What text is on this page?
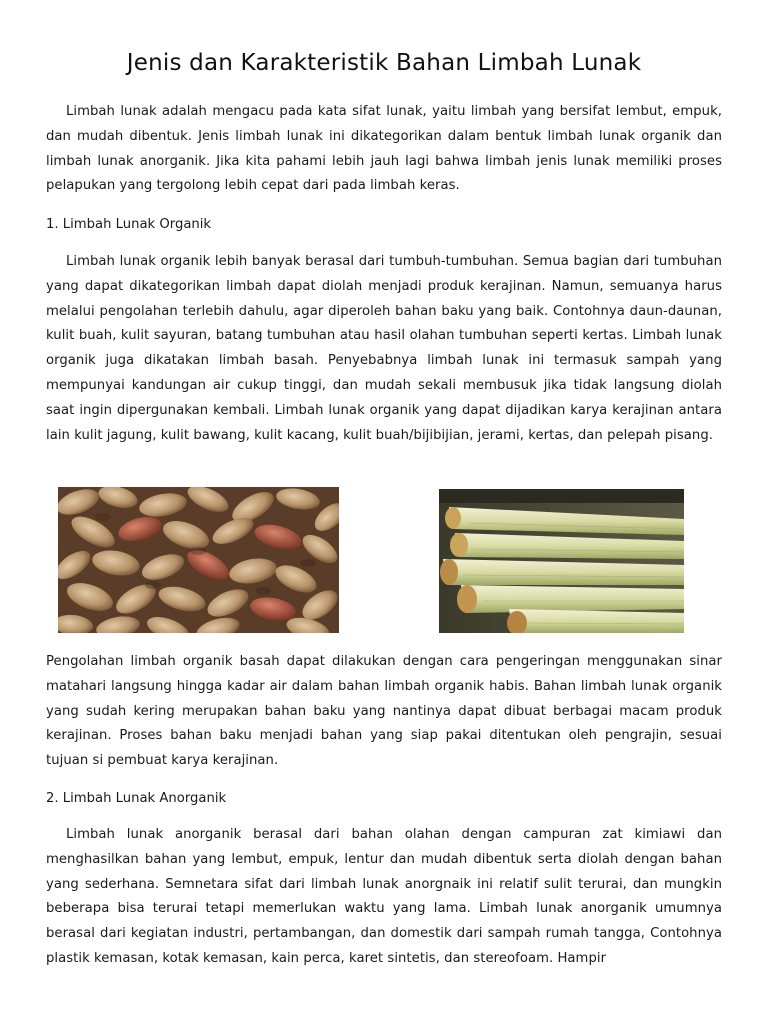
Jenis dan Karakteristik Bahan Limbah Lunak

Limbah lunak adalah mengacu pada kata sifat lunak, yaitu limbah yang bersifat lembut, empuk, dan mudah dibentuk. Jenis limbah lunak ini dikategorikan dalam bentuk limbah lunak organik dan limbah lunak anorganik. Jika kita pahami lebih jauh lagi bahwa limbah jenis lunak memiliki proses pelapukan yang tergolong lebih cepat dari pada limbah keras.

1. Limbah Lunak Organik

Limbah lunak organik lebih banyak berasal dari tumbuh-tumbuhan. Semua bagian dari tumbuhan yang dapat dikategorikan limbah dapat diolah menjadi produk kerajinan. Namun, semuanya harus melalui pengolahan terlebih dahulu, agar diperoleh bahan baku yang baik. Contohnya daun-daunan, kulit buah, kulit sayuran, batang tumbuhan atau hasil olahan tumbuhan seperti kertas. Limbah lunak organik juga dikatakan limbah basah. Penyebabnya limbah lunak ini termasuk sampah yang mempunyai kandungan air cukup tinggi, dan mudah sekali membusuk jika tidak langsung diolah saat ingin dipergunakan kembali. Limbah lunak organik yang dapat dijadikan karya kerajinan antara lain kulit jagung, kulit bawang, kulit kacang, kulit buah/bijibijian, jerami, kertas, dan pelepah pisang.

Pengolahan limbah organik basah dapat dilakukan dengan cara pengeringan menggunakan sinar matahari langsung hingga kadar air dalam bahan limbah organik habis. Bahan limbah lunak organik yang sudah kering merupakan bahan baku yang nantinya dapat dibuat berbagai macam produk kerajinan. Proses bahan baku menjadi bahan yang siap pakai ditentukan oleh pengrajin, sesuai tujuan si pembuat karya kerajinan.

2. Limbah Lunak Anorganik

Limbah lunak anorganik berasal dari bahan olahan dengan campuran zat kimiawi dan menghasilkan bahan yang lembut, empuk, lentur dan mudah dibentuk serta diolah dengan bahan yang sederhana. Semnetara sifat dari limbah lunak anorgnaik ini relatif sulit terurai, dan mungkin beberapa bisa terurai tetapi memerlukan waktu yang lama. Limbah lunak anorganik umumnya berasal dari kegiatan industri, pertambangan, dan domestik dari sampah rumah tangga, Contohnya plastik kemasan, kotak kemasan, kain perca, karet sintetis, dan stereofoam. Hampir
